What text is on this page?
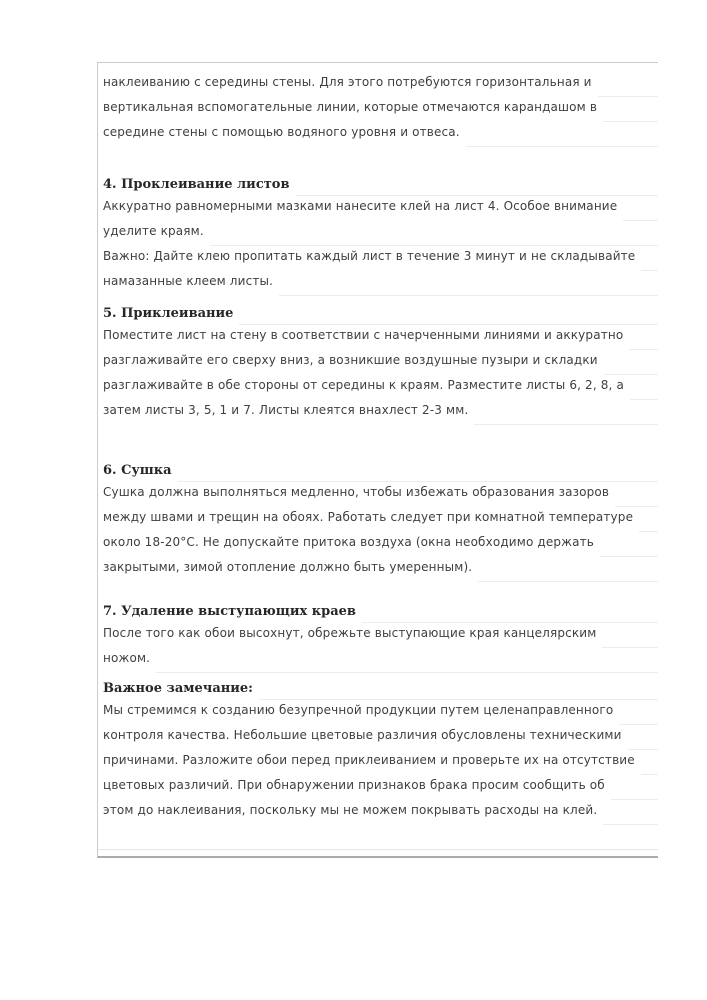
наклеиванию с середины стены. Для этого потребуются горизонтальная и
вертикальная вспомогательные линии, которые отмечаются карандашом в
середине стены с помощью водяного уровня и отвеса.
4. Проклеивание листов
Аккуратно равномерными мазками нанесите клей на лист 4. Особое внимание
уделите краям.
Важно: Дайте клею пропитать каждый лист в течение 3 минут и не складывайте
намазанные клеем листы.
5. Приклеивание
Поместите лист на стену в соответствии с начерченными линиями и аккуратно
разглаживайте его сверху вниз, а возникшие воздушные пузыри и складки
разглаживайте в обе стороны от середины к краям. Разместите листы 6, 2, 8, а
затем листы 3, 5, 1 и 7. Листы клеятся внахлест 2-3 мм.
6. Сушка
Сушка должна выполняться медленно, чтобы избежать образования зазоров
между швами и трещин на обоях. Работать следует при комнатной температуре
около 18-20°C. Не допускайте притока воздуха (окна необходимо держать
закрытыми, зимой отопление должно быть умеренным).
7. Удаление выступающих краев
После того как обои высохнут, обрежьте выступающие края канцелярским
ножом.
Важное замечание:
Мы стремимся к созданию безупречной продукции путем целенаправленного
контроля качества. Небольшие цветовые различия обусловлены техническими
причинами. Разложите обои перед приклеиванием и проверьте их на отсутствие
цветовых различий. При обнаружении признаков брака просим сообщить об
этом до наклеивания, поскольку мы не можем покрывать расходы на клей.
